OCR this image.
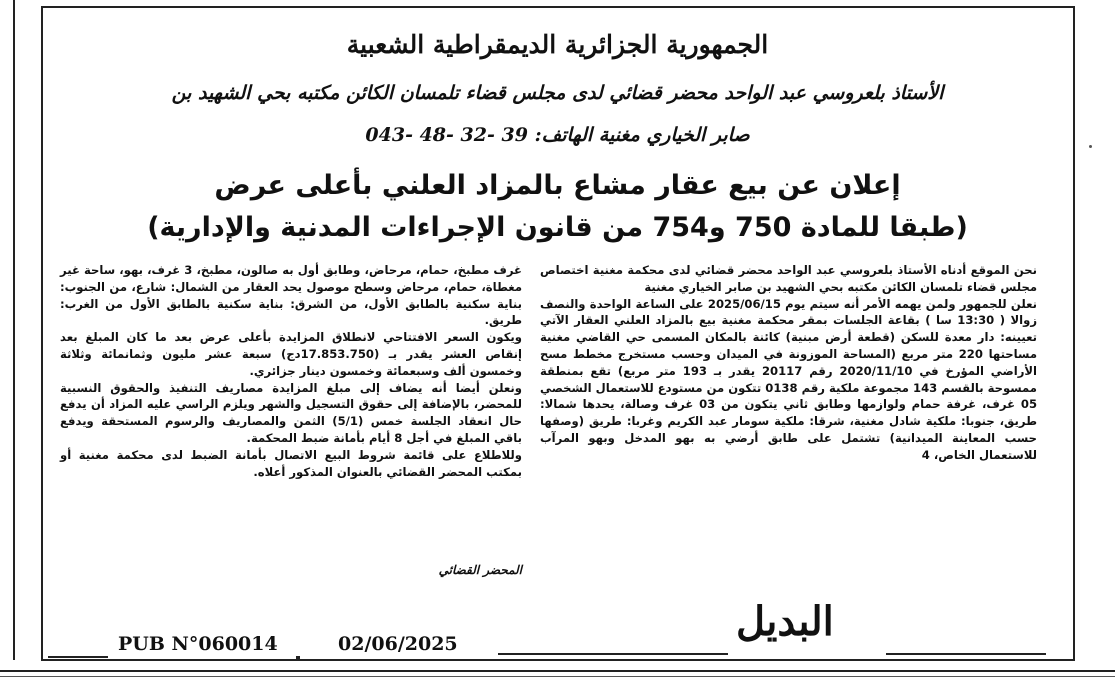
الجمهورية الجزائرية الديمقراطية الشعبية
الأستاذ بلعروسي عبد الواحد محضر قضائي لدى مجلس قضاء تلمسان الكائن مكتبه بحي الشهيد بن
صابر الخياري مغنية الهاتف: 39 -32 -48 -043
إعلان عن بيع عقار مشاع بالمزاد العلني بأعلى عرض
(طبقا للمادة 750 و754 من قانون الإجراءات المدنية والإدارية)

نحن الموقع أدناه الأستاذ بلعروسي عبد الواحد محضر قضائي لدى محكمة مغنية اختصاص مجلس قضاء تلمسان الكائن مكتبه بحي الشهيد بن صابر الخياري مغنية

نعلن للجمهور ولمن يهمه الأمر أنه سيتم يوم 2025/06/15 على الساعة الواحدة والنصف زوالا ( 13:30 سا ) بقاعة الجلسات بمقر محكمة مغنية بيع بالمزاد العلني العقار الآتي تعيينه: دار معدة للسكن (قطعة أرض مبنية) كائنة بالمكان المسمى حي القاضي مغنية مساحتها 220 متر مربع (المساحة الموزونة في الميدان وحسب مستخرج مخطط مسح الأراضي المؤرخ في 2020/11/10 رقم 20117 يقدر بـ 193 متر مربع) تقع بمنطقة ممسوحة بالقسم 143 مجموعة ملكية رقم 0138 تتكون من مستودع للاستعمال الشخصي 05 غرف، غرفة حمام ولوازمها وطابق ثاني يتكون من 03 غرف وصالة، يحدها شمالا: طريق، جنوبا: ملكية شادل مغنية، شرقا: ملكية سومار عبد الكريم وغربا: طريق (وصفها حسب المعاينة الميدانية) تشتمل على طابق أرضي به بهو المدخل وبهو المرآب للاستعمال الخاص، 4

غرف مطبخ، حمام، مرحاض، وطابق أول به صالون، مطبخ، 3 غرف، بهو، ساحة غير مغطاة، حمام، مرحاض وسطح موصول يحد العقار من الشمال: شارع، من الجنوب: بناية سكنية بالطابق الأول، من الشرق: بناية سكنية بالطابق الأول من الغرب: طريق.

ويكون السعر الافتتاحي لانطلاق المزايدة بأعلى عرض بعد ما كان المبلغ بعد إنقاص العشر يقدر بـ (17.853.750دج) سبعة عشر مليون وثمانمائة وثلاثة وخمسون ألف وسبعمائة وخمسون دينار جزائري.

ونعلن أيضا أنه يضاف إلى مبلغ المزايدة مصاريف التنفيذ والحقوق النسبية للمحضر، بالإضافة إلى حقوق التسجيل والشهر ويلزم الراسي عليه المزاد أن يدفع حال انعقاد الجلسة خمس (5/1) الثمن والمصاريف والرسوم المستحقة ويدفع باقي المبلغ في أجل 8 أيام بأمانة ضبط المحكمة.

وللاطلاع على قائمة شروط البيع الاتصال بأمانة الضبط لدى محكمة مغنية أو بمكتب المحضر القضائي بالعنوان المذكور أعلاه.

المحضر القضائي
PUB N°060014	02/06/2025	البديل
